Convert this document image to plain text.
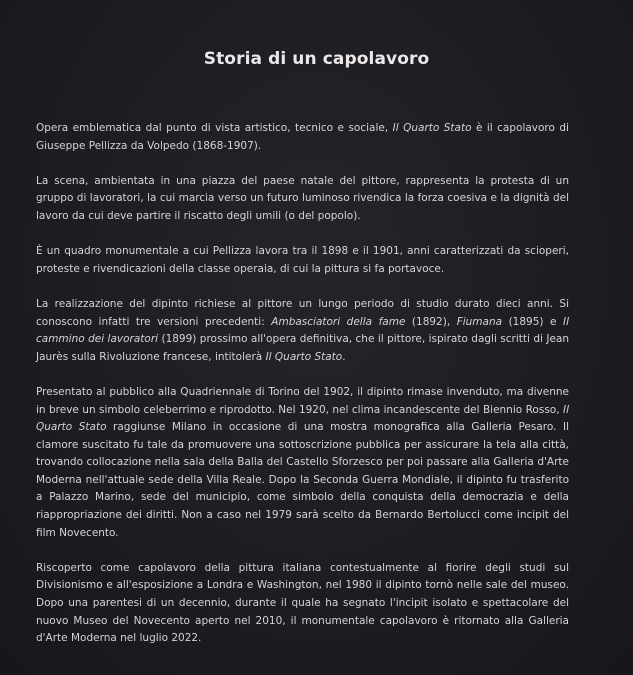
Storia di un capolavoro

Opera emblematica dal punto di vista artistico, tecnico e sociale, Il Quarto Stato è il capolavoro di Giuseppe Pellizza da Volpedo (1868-1907).

La scena, ambientata in una piazza del paese natale del pittore, rappresenta la protesta di un gruppo di lavoratori, la cui marcia verso un futuro luminoso rivendica la forza coesiva e la dignità del lavoro da cui deve partire il riscatto degli umili (o del popolo).

È un quadro monumentale a cui Pellizza lavora tra il 1898 e il 1901, anni caratterizzati da scioperi, proteste e rivendicazioni della classe operaia, di cui la pittura si fa portavoce.

La realizzazione del dipinto richiese al pittore un lungo periodo di studio durato dieci anni. Si conoscono infatti tre versioni precedenti: Ambasciatori della fame (1892), Fiumana (1895) e Il cammino dei lavoratori (1899) prossimo all'opera definitiva, che il pittore, ispirato dagli scritti di Jean Jaurès sulla Rivoluzione francese, intitolerà Il Quarto Stato.

Presentato al pubblico alla Quadriennale di Torino del 1902, il dipinto rimase invenduto, ma divenne in breve un simbolo celeberrimo e riprodotto. Nel 1920, nel clima incandescente del Biennio Rosso, Il Quarto Stato raggiunse Milano in occasione di una mostra monografica alla Galleria Pesaro. Il clamore suscitato fu tale da promuovere una sottoscrizione pubblica per assicurare la tela alla città, trovando collocazione nella sala della Balla del Castello Sforzesco per poi passare alla Galleria d'Arte Moderna nell'attuale sede della Villa Reale. Dopo la Seconda Guerra Mondiale, il dipinto fu trasferito a Palazzo Marino, sede del municipio, come simbolo della conquista della democrazia e della riappropriazione dei diritti. Non a caso nel 1979 sarà scelto da Bernardo Bertolucci come incipit del film Novecento.

Riscoperto come capolavoro della pittura italiana contestualmente al fiorire degli studi sul Divisionismo e all'esposizione a Londra e Washington, nel 1980 il dipinto tornò nelle sale del museo. Dopo una parentesi di un decennio, durante il quale ha segnato l'incipit isolato e spettacolare del nuovo Museo del Novecento aperto nel 2010, il monumentale capolavoro è ritornato alla Galleria d'Arte Moderna nel luglio 2022.
